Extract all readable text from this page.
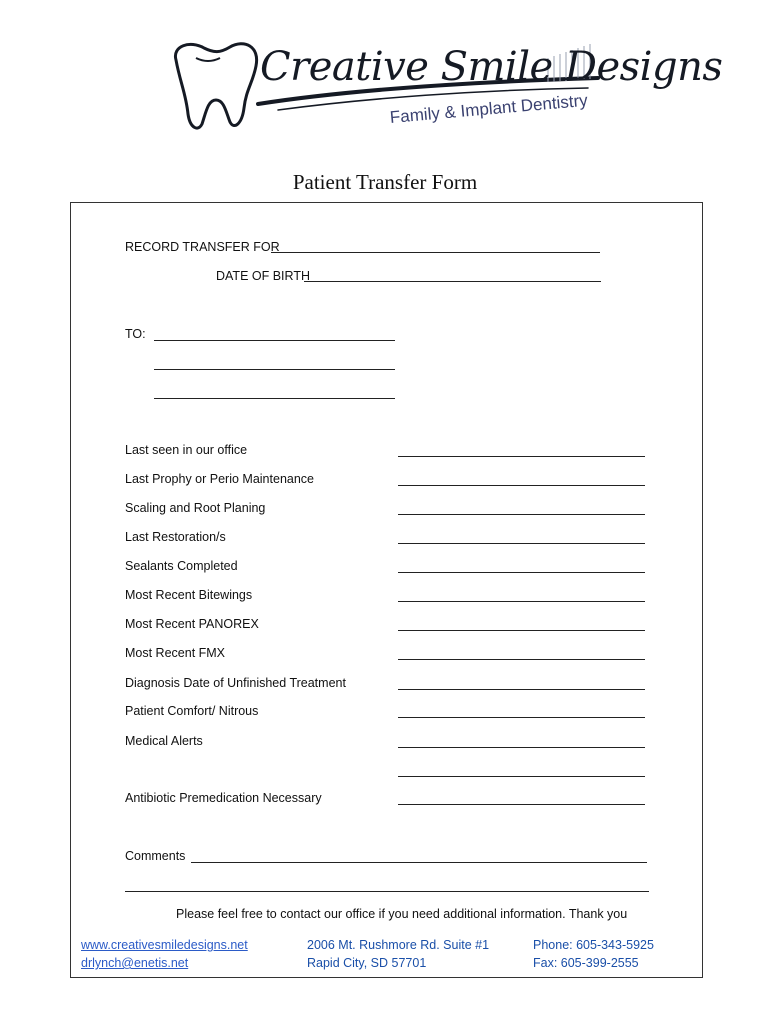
Creative Smile Designs
Family & Implant Dentistry
Patient Transfer Form
RECORD TRANSFER FOR
DATE OF BIRTH
TO:
Last seen in our office
Last Prophy or Perio Maintenance
Scaling and Root Planing
Last Restoration/s
Sealants Completed
Most Recent Bitewings
Most Recent PANOREX
Most Recent FMX
Diagnosis Date of Unfinished Treatment
Patient Comfort/ Nitrous
Medical Alerts
Antibiotic Premedication Necessary
Comments
Please feel free to contact our office if you need additional information. Thank you
www.creativesmiledesigns.net
drlynch@enetis.net
2006 Mt. Rushmore Rd. Suite #1
Rapid City, SD 57701
Phone: 605-343-5925
Fax: 605-399-2555
